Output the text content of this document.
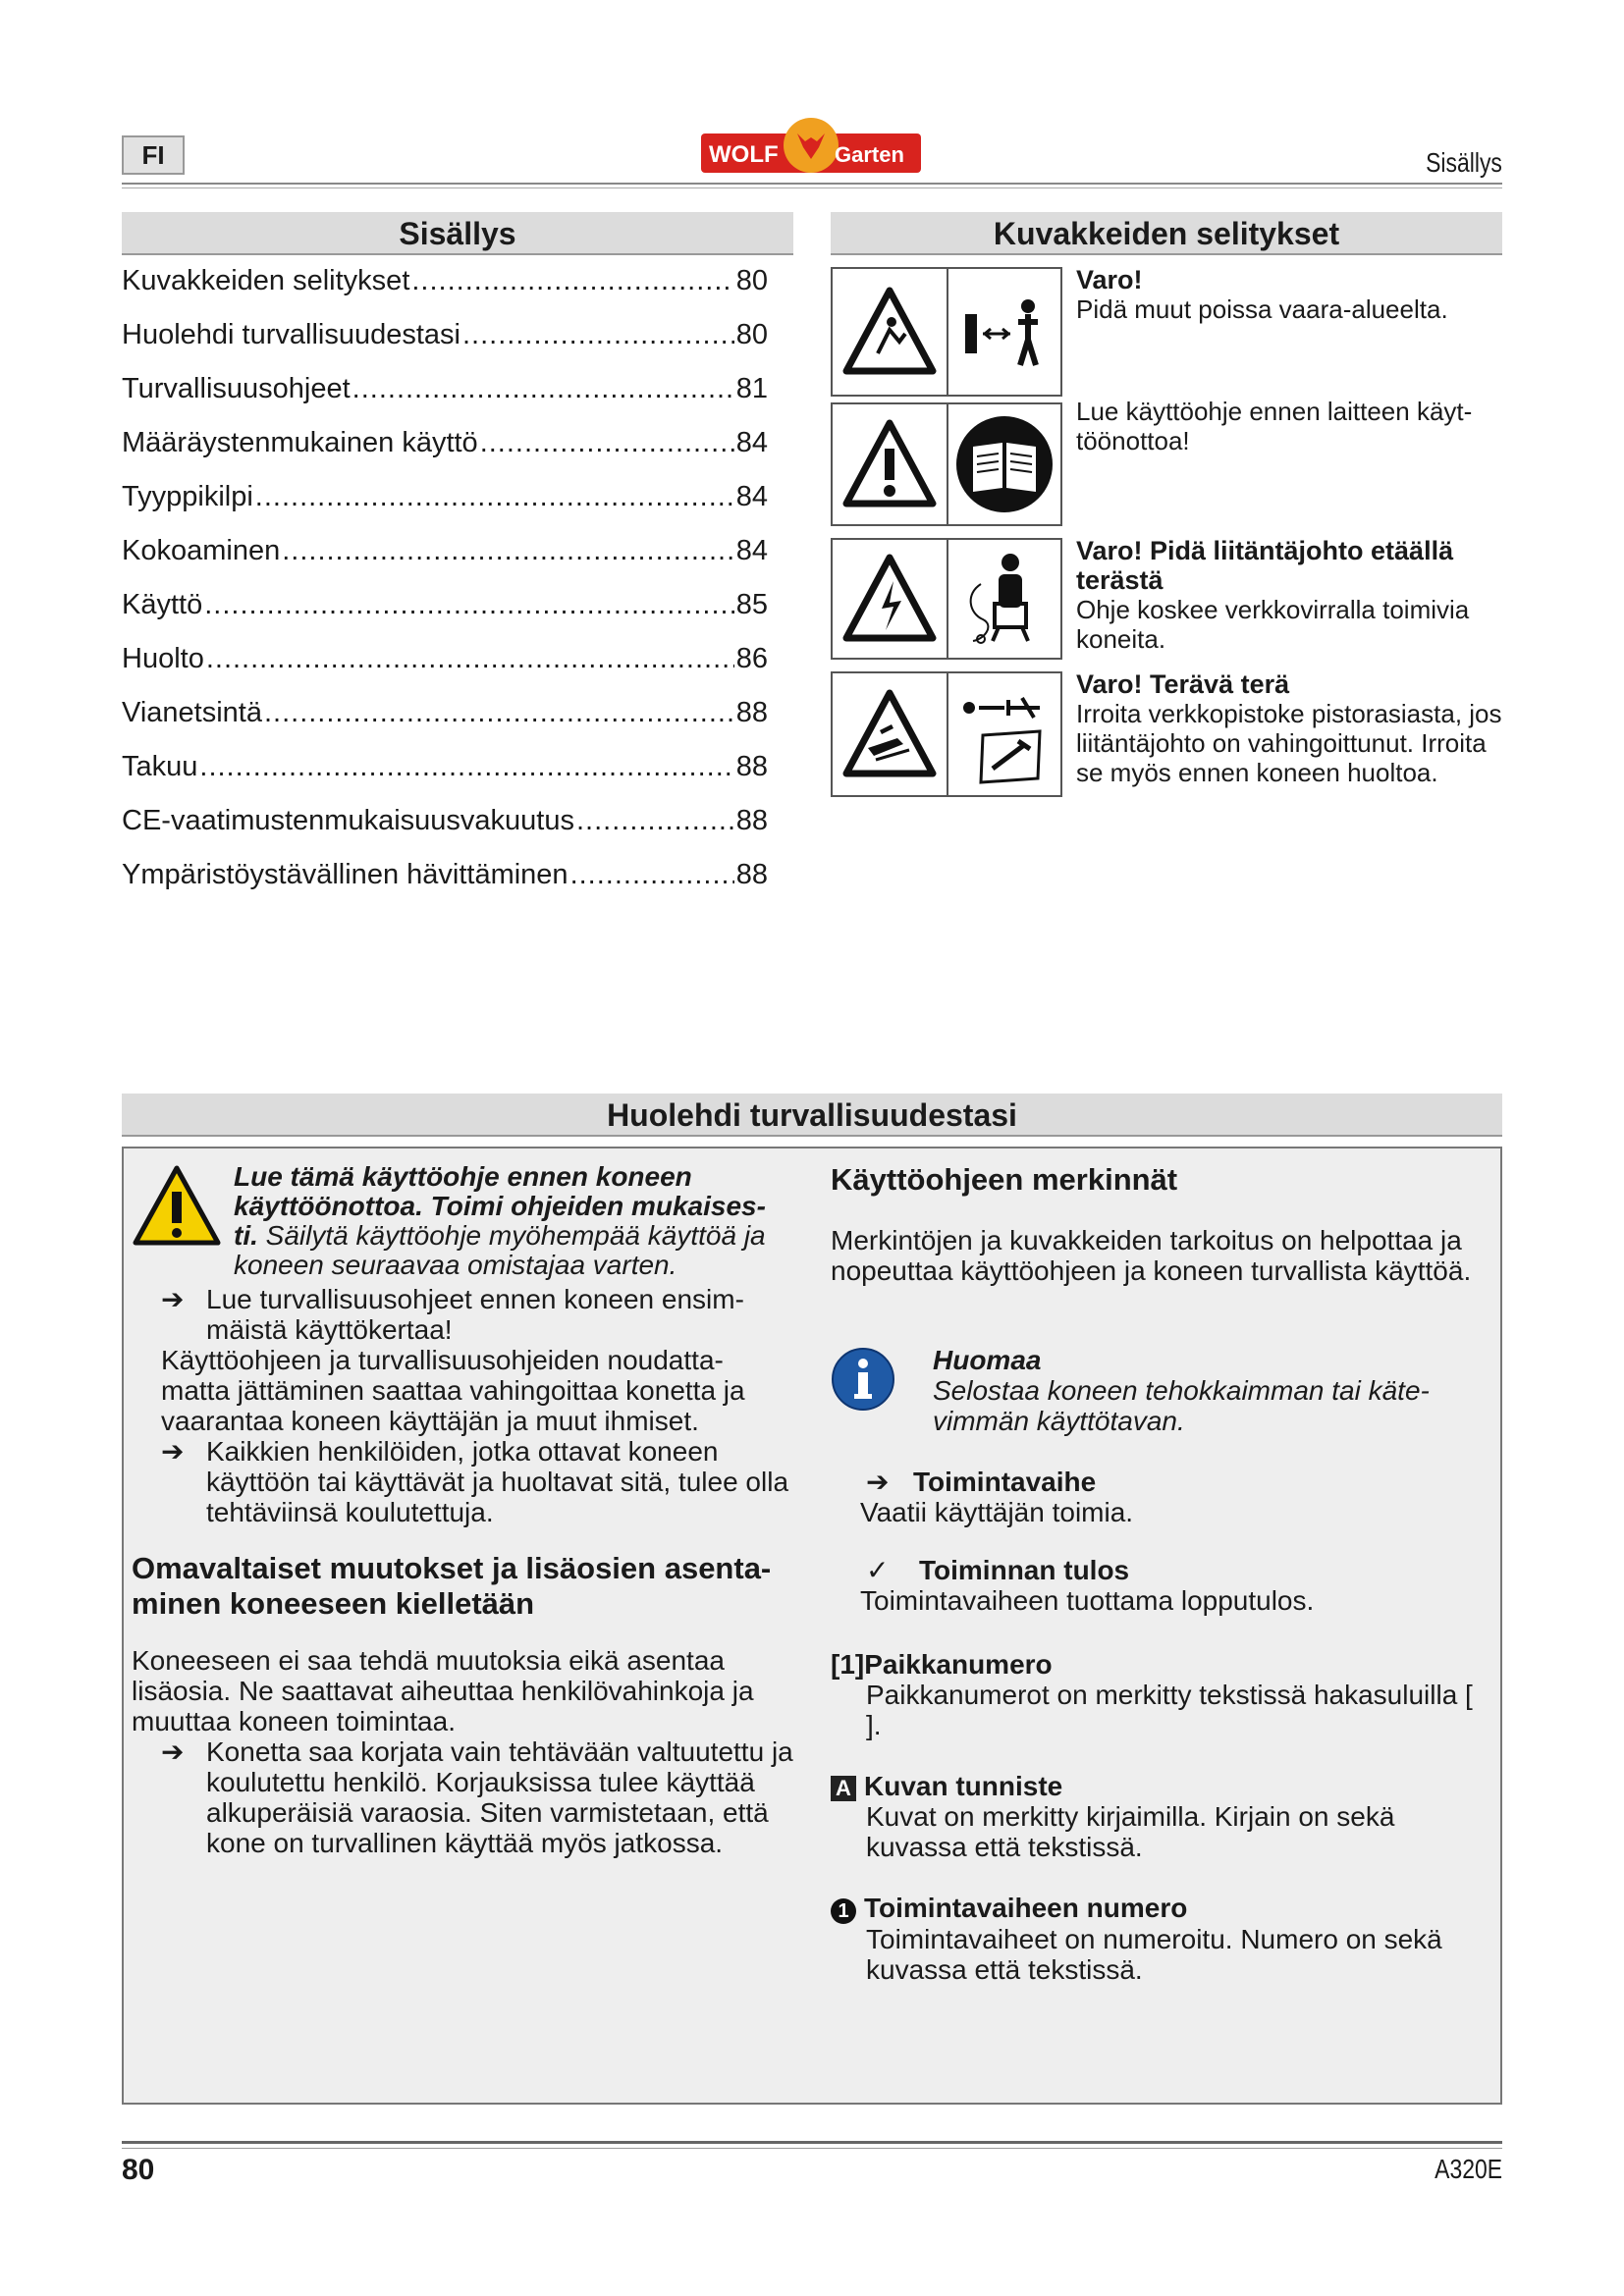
FI	WOLF	Garten	Sisällys
Sisällys
Kuvakkeiden selitykset .....	80
Huolehdi turvallisuudestasi .....	80
Turvallisuusohjeet .....	81
Määräystenmukainen käyttö .....	84
Tyyppikilpi .....	84
Kokoaminen .....	84
Käyttö .....	85
Huolto .....	86
Vianetsintä .....	88
Takuu .....	88
CE-vaatimustenmukaisuusvakuutus .....	88
Ympäristöystävällinen hävittäminen .....	88
Kuvakkeiden selitykset
Varo!
Pidä muut poissa vaara-alueelta.
Lue käyttöohje ennen laitteen käyt-töönottoa!
Varo! Pidä liitäntäjohto etäällä terästä
Ohje koskee verkkovirralla toimivia koneita.
Varo! Terävä terä
Irroita verkkopistoke pistorasiasta, jos liitäntäjohto on vahingoittunut. Irroita se myös ennen koneen huoltoa.
Huolehdi turvallisuudestasi

Lue tämä käyttöohje ennen koneen käyttöönottoa. Toimi ohjeiden mukaises-ti. Säilytä käyttöohje myöhempää käyttöä ja koneen seuraavaa omistajaa varten.

➔ Lue turvallisuusohjeet ennen koneen ensim-mäistä käyttökertaa!

Käyttöohjeen ja turvallisuusohjeiden noudatta-matta jättäminen saattaa vahingoittaa konetta ja vaarantaa koneen käyttäjän ja muut ihmiset.

➔ Kaikkien henkilöiden, jotka ottavat koneen käyttöön tai käyttävät ja huoltavat sitä, tulee olla tehtäviinsä koulutettuja.

Omavaltaiset muutokset ja lisäosien asenta-minen koneeseen kielletään

Koneeseen ei saa tehdä muutoksia eikä asentaa lisäosia. Ne saattavat aiheuttaa henkilövahinkoja ja muuttaa koneen toimintaa.

➔ Konetta saa korjata vain tehtävään valtuutettu ja koulutettu henkilö. Korjauksissa tulee käyttää alkuperäisiä varaosia. Siten varmistetaan, että kone on turvallinen käyttää myös jatkossa.

Käyttöohjeen merkinnät
Merkintöjen ja kuvakkeiden tarkoitus on helpottaa ja nopeuttaa käyttöohjeen ja koneen turvallista käyttöä.

Huomaa

Selostaa koneen tehokkaimman tai käte-vimmän käyttötavan.

➔ Toimintavaihe

Vaatii käyttäjän toimia.

✓ Toiminnan tulos

Toimintavaiheen tuottama lopputulos.

[1]Paikkanumero

Paikkanumerot on merkitty tekstissä hakasuluilla [ ].

A Kuvan tunniste

Kuvat on merkitty kirjaimilla. Kirjain on sekä kuvassa että tekstissä.

1 Toimintavaiheen numero

Toimintavaiheet on numeroitu. Numero on sekä kuvassa että tekstissä.

80	A320E
